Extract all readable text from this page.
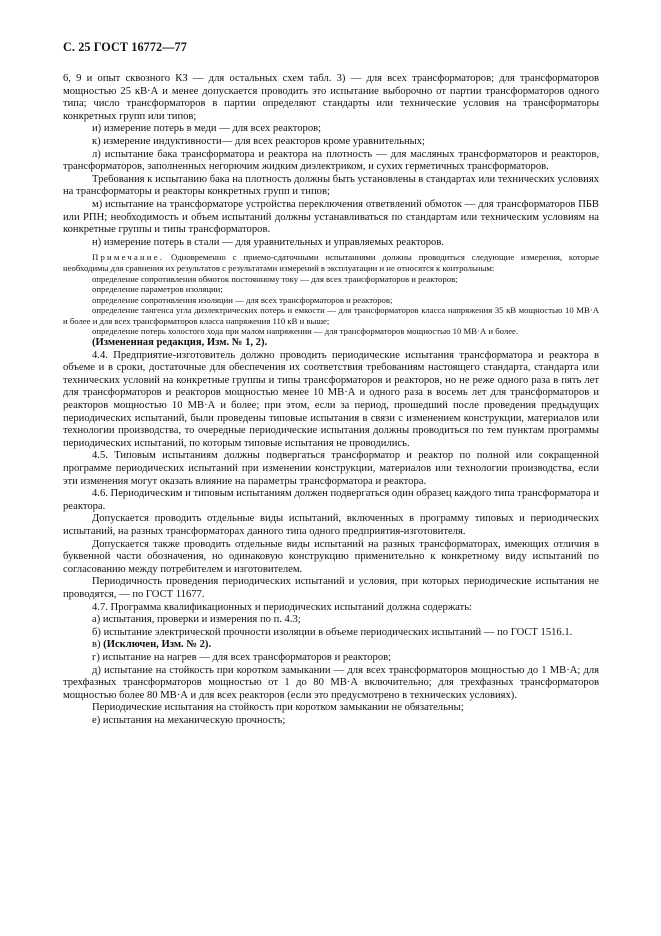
С. 25 ГОСТ 16772—77

6, 9 и опыт сквозного КЗ — для остальных схем табл. 3) — для всех трансформаторов; для трансформаторов мощностью 25 кВ·А и менее допускается проводить это испытание выборочно от партии трансформаторов одного типа; число трансформаторов в партии определяют стандарты или технические условия на трансформаторы конкретных групп или типов;

и) измерение потерь в меди — для всех реакторов;

к) измерение индуктивности— для всех реакторов кроме уравнительных;

л) испытание бака трансформатора и реактора на плотность — для масляных трансформаторов и реакторов, трансформаторов, заполненных негорючим жидким диэлектриком, и сухих герметичных трансформаторов.

Требования к испытанию бака на плотность должны быть установлены в стандартах или технических условиях на трансформаторы и реакторы конкретных групп и типов;

м) испытание на трансформаторе устройства переключения ответвлений обмоток — для трансформаторов ПБВ или РПН; необходимость и объем испытаний должны устанавливаться по стандартам или техническим условиям на конкретные группы и типы трансформаторов.

н) измерение потерь в стали — для уравнительных и управляемых реакторов.

Примечание. Одновременно с приемо-сдаточными испытаниями должны проводиться следующие измерения, которые необходимы для сравнения их результатов с результатами измерений в эксплуатации и не относятся к контрольным:

определение сопротивления обмоток постоянному току — для всех трансформаторов и реакторов;

определение параметров изоляции;

определение сопротивления изоляции — для всех трансформаторов и реакторов;

определение тангенса угла диэлектрических потерь и емкости — для трансформаторов класса напряжения 35 кВ мощностью 10 МВ·А и более и для всех трансформаторов класса напряжения 110 кВ и выше;

определение потерь холостого хода при малом напряжении — для трансформаторов мощностью 10 МВ·А и более.

(Измененная редакция, Изм. № 1, 2).

4.4. Предприятие-изготовитель должно проводить периодические испытания трансформатора и реактора в объеме и в сроки, достаточные для обеспечения их соответствия требованиям настоящего стандарта, стандарта или технических условий на конкретные группы и типы трансформаторов и реакторов, но не реже одного раза в пять лет для трансформаторов и реакторов мощностью менее 10 МВ·А и одного раза в восемь лет для трансформаторов и реакторов мощностью 10 МВ·А и более; при этом, если за период, прошедший после проведения предыдущих периодических испытаний, были проведены типовые испытания в связи с изменением конструкции, материалов или технологии производства, то очередные периодические испытания должны проводиться по тем пунктам программы периодических испытаний, по которым типовые испытания не проводились.

4.5. Типовым испытаниям должны подвергаться трансформатор и реактор по полной или сокращенной программе периодических испытаний при изменении конструкции, материалов или технологии производства, если эти изменения могут оказать влияние на параметры трансформатора и реактора.

4.6. Периодическим и типовым испытаниям должен подвергаться один образец каждого типа трансформатора и реактора.

Допускается проводить отдельные виды испытаний, включенных в программу типовых и периодических испытаний, на разных трансформаторах данного типа одного предприятия-изготовителя.

Допускается также проводить отдельные виды испытаний на разных трансформаторах, имеющих отличия в буквенной части обозначения, но одинаковую конструкцию применительно к конкретному виду испытаний по согласованию между потребителем и изготовителем.

Периодичность проведения периодических испытаний и условия, при которых периодические испытания не проводятся, — по ГОСТ 11677.

4.7. Программа квалификационных и периодических испытаний должна содержать:

а) испытания, проверки и измерения по п. 4.3;

б) испытание электрической прочности изоляции в объеме периодических испытаний — по ГОСТ 1516.1.

в) (Исключен, Изм. № 2).

г) испытание на нагрев — для всех трансформаторов и реакторов;

д) испытание на стойкость при коротком замыкании — для всех трансформаторов мощностью до 1 МВ·А; для трехфазных трансформаторов мощностью от 1 до 80 МВ·А включительно; для трехфазных трансформаторов мощностью более 80 МВ·А и для всех реакторов (если это предусмотрено в технических условиях).

Периодические испытания на стойкость при коротком замыкании не обязательны;

е) испытания на механическую прочность;
